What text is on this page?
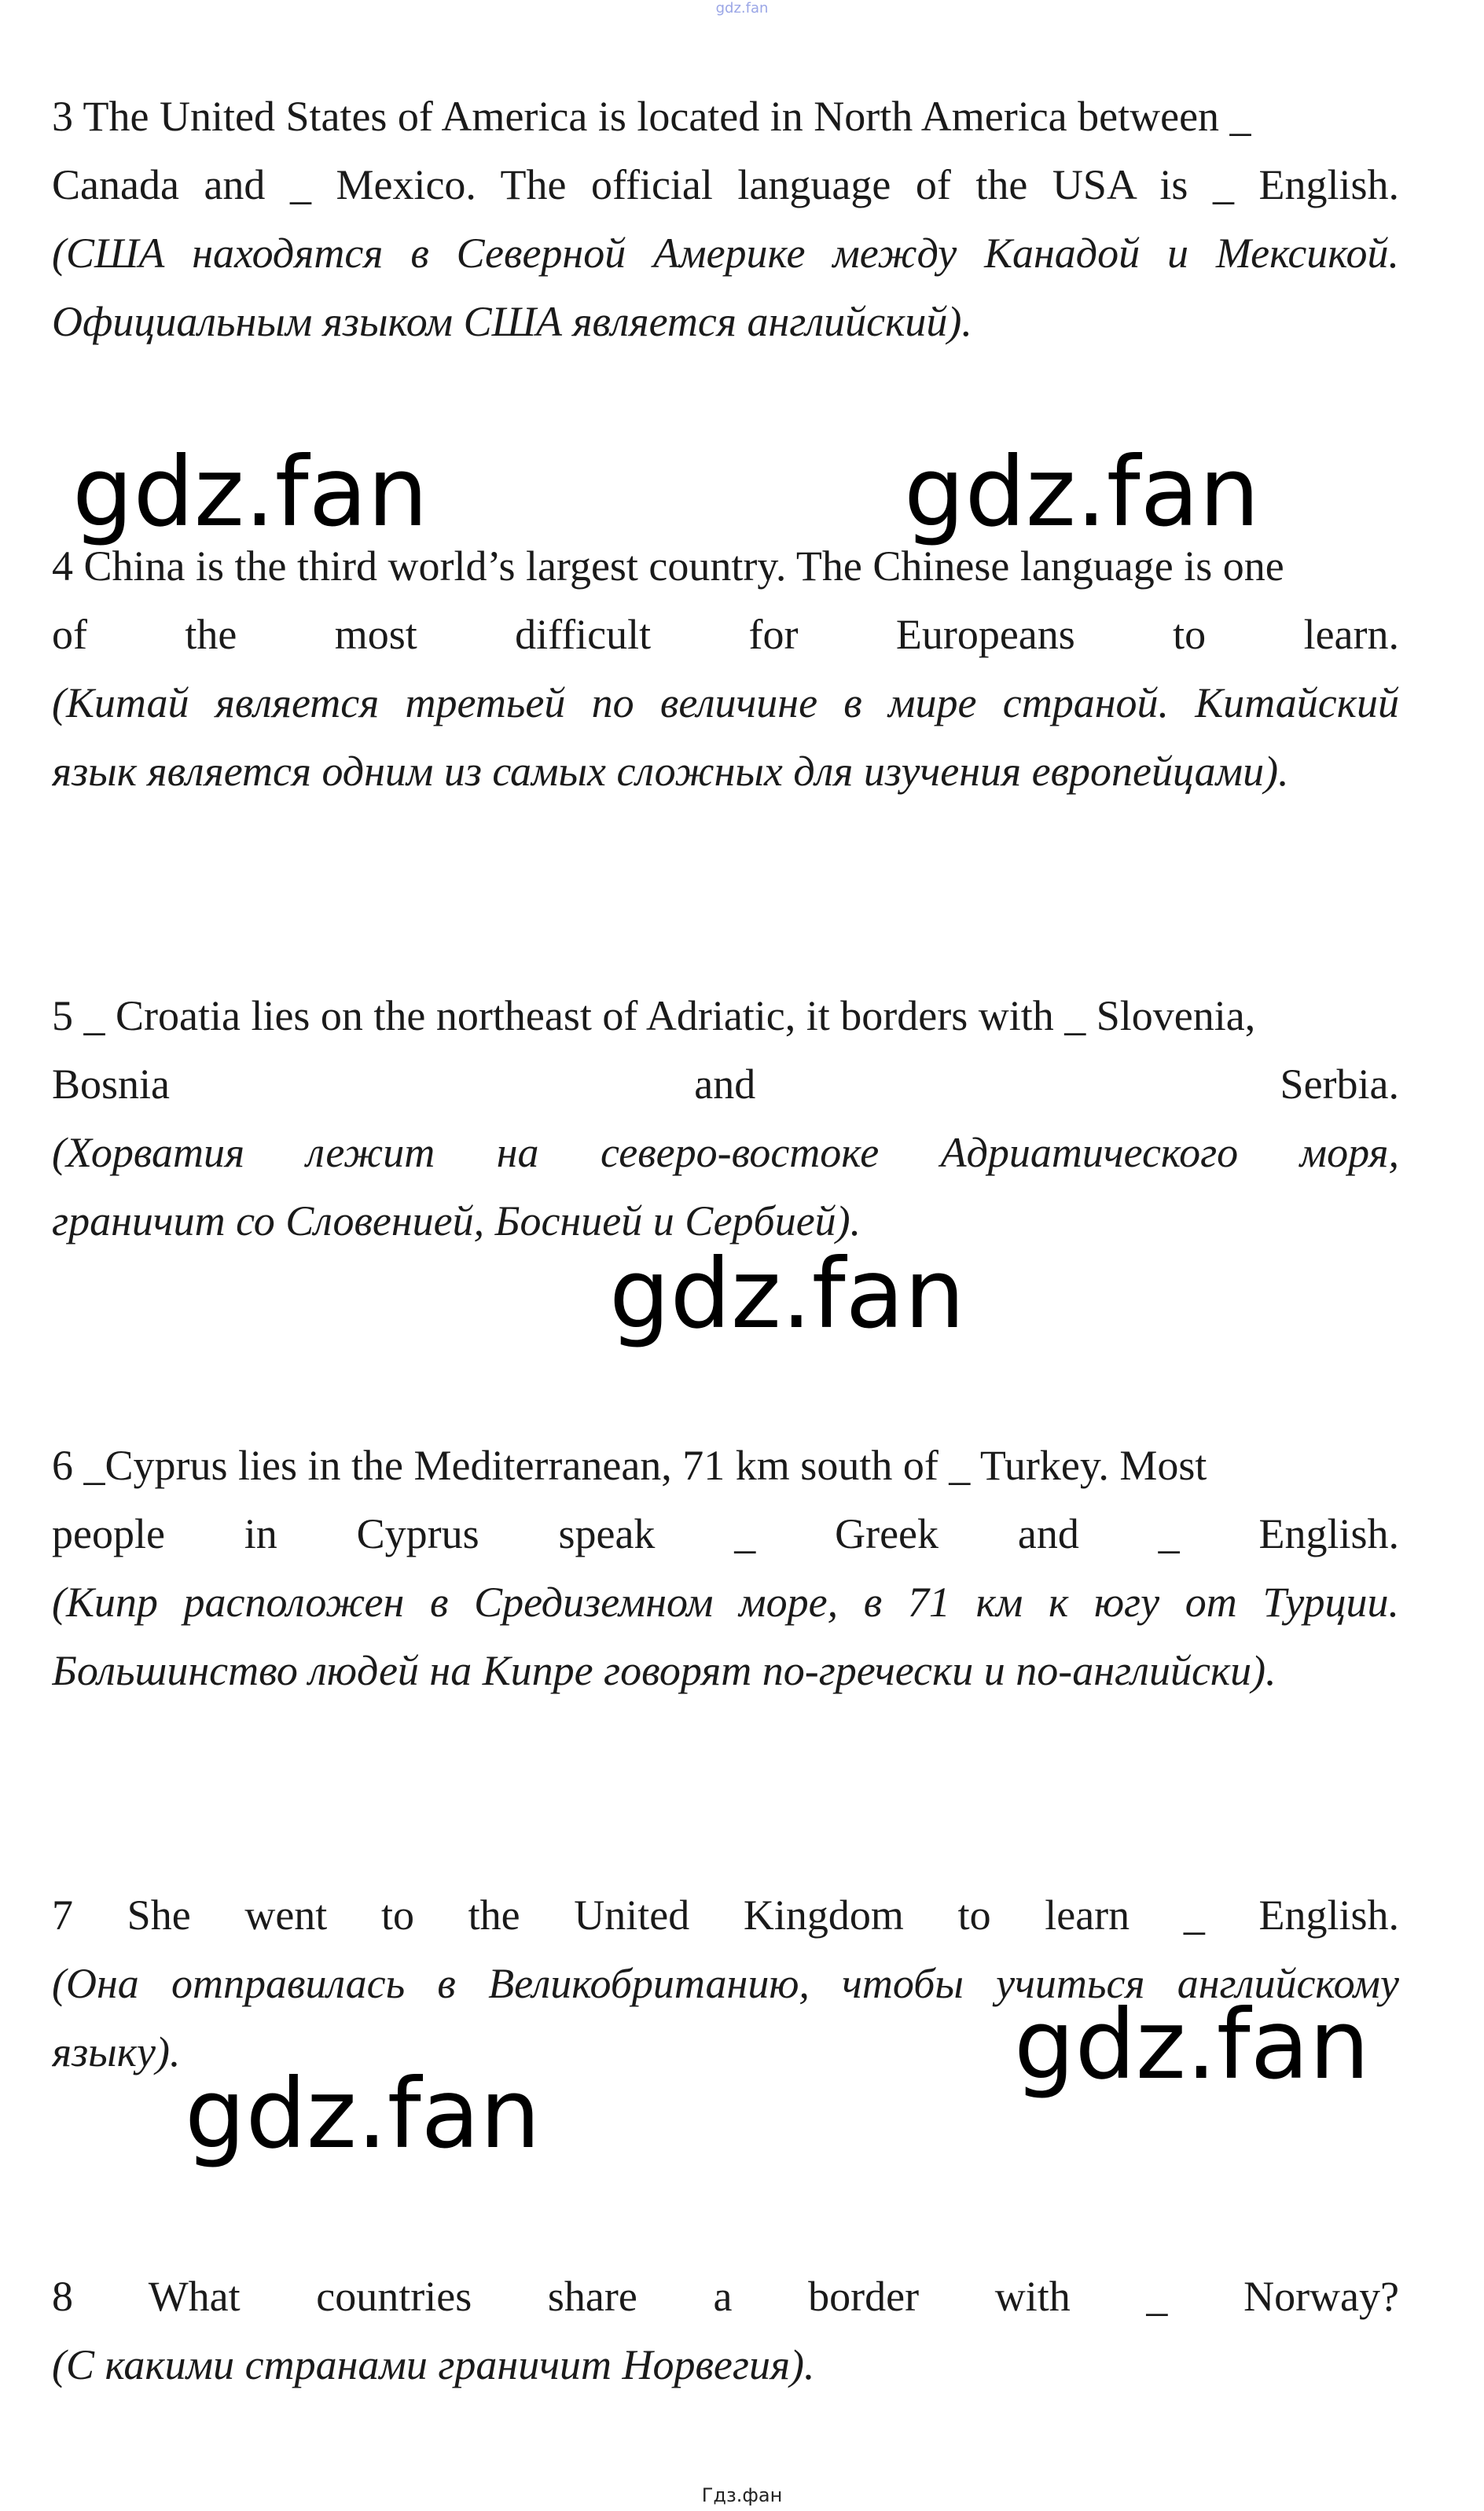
gdz.fan
3 The United States of America is located in North America between _
Canada and _ Mexico. The official language of the USA is _ English.
(США находятся в Северной Америке между Канадой и Мексикой.
Официальным языком США является английский).
4 China is the third world’s largest country. The Chinese language is one
of the most difficult for Europeans to learn.
(Китай является третьей по величине в мире страной. Китайский
язык является одним из самых сложных для изучения европейцами).
5 _ Croatia lies on the northeast of Adriatic, it borders with _ Slovenia,
Bosnia and Serbia.
(Хорватия лежит на северо-востоке Адриатического моря,
граничит со Словенией, Боснией и Сербией).
6 _Cyprus lies in the Mediterranean, 71 km south of _ Turkey. Most
people in Cyprus speak _ Greek and _ English.
(Кипр расположен в Средиземном море, в 71 км к югу от Турции.
Большинство людей на Кипре говорят по-гречески и по-английски).
7 She went to the United Kingdom to learn _ English.
(Она отправилась в Великобританию, чтобы учиться английскому
языку).
8 What countries share a border with _ Norway?
(С какими странами граничит Норвегия).
gdz.fan	gdz.fan
gdz.fan
gdz.fan
gdz.fan
Гдз.фан
